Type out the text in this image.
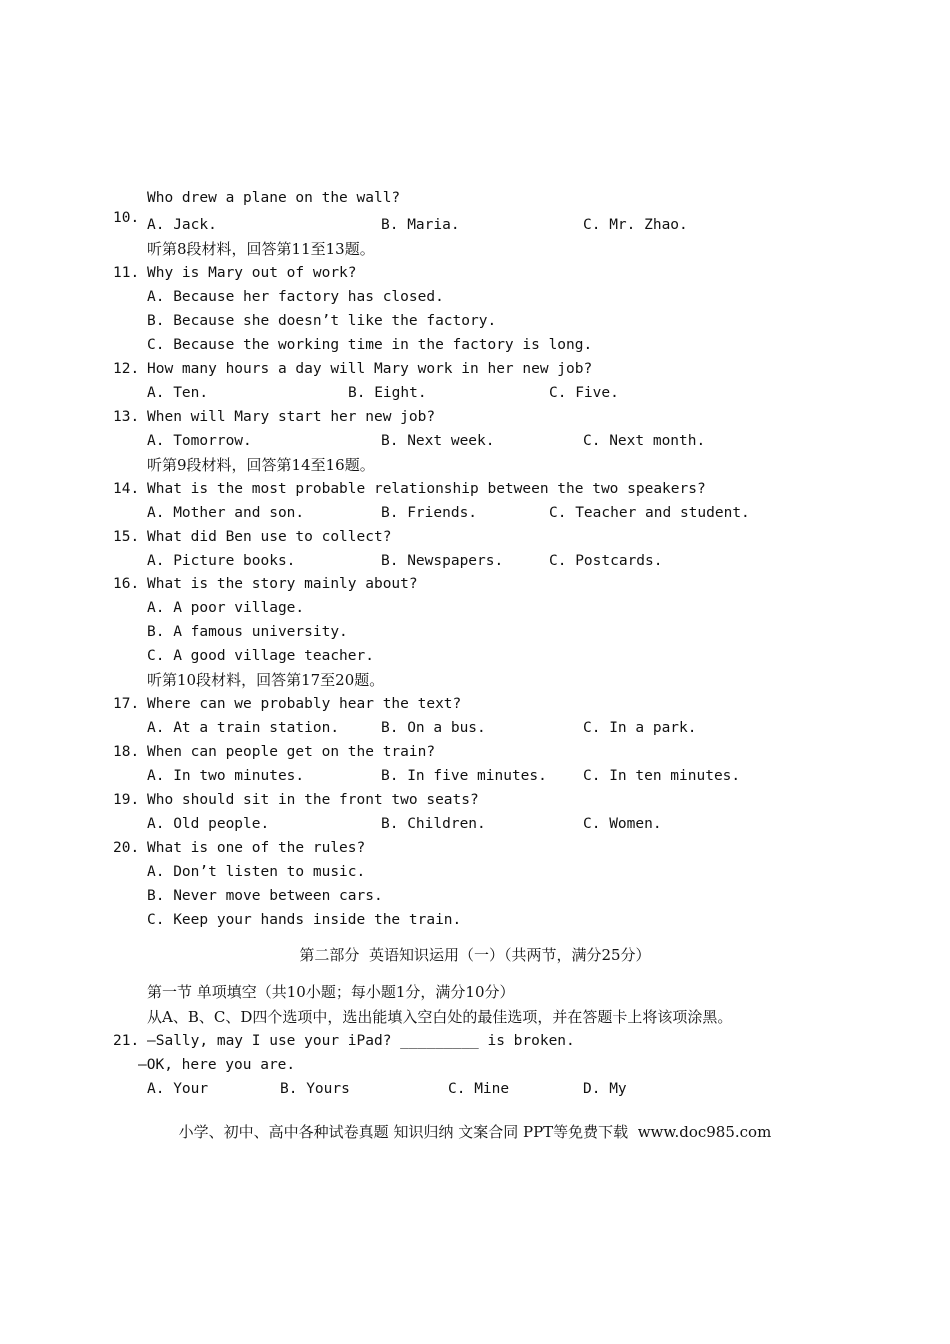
10.

Who drew a plane on the wall?
A. Jack.	B. Maria.	C. Mr. Zhao.
听第8段材料，回答第11至13题。
11. Why is Mary out of work?
A. Because her factory has closed.
B. Because she doesn’t like the factory.
C. Because the working time in the factory is long.
12. How many hours a day will Mary work in her new job?
A. Ten.	B. Eight.	C. Five.
13. When will Mary start her new job?
A. Tomorrow.	B. Next week.	C. Next month.
听第9段材料，回答第14至16题。
14. What is the most probable relationship between the two speakers?
A. Mother and son.	B. Friends.	C. Teacher and student.
15. What did Ben use to collect?
A. Picture books.	B. Newspapers.	C. Postcards.
16. What is the story mainly about?
A. A poor village.
B. A famous university.
C. A good village teacher.
听第10段材料，回答第17至20题。
17. Where can we probably hear the text?
A. At a train station.	B. On a bus.	C. In a park.
18. When can people get on the train?
A. In two minutes.	B. In five minutes. C. In ten minutes.
19. Who should sit in the front two seats?
A. Old people.	B. Children.	C. Women.
20. What is one of the rules?
A. Don’t listen to music.
B. Never move between cars.
C. Keep your hands inside the train.
第二部分  英语知识运用（一）（共两节，满分25分）
第一节 单项填空（共10小题；每小题1分，满分10分）
从A、B、C、D四个选项中，选出能填入空白处的最佳选项，并在答题卡上将该项涂黑。
21. —Sally, may I use your iPad? _________ is broken.
—OK, here you are.
A. Your	B. Yours	C. Mine	D. My
小学、初中、高中各种试卷真题 知识归纳 文案合同 PPT等免费下载  www.doc985.com
